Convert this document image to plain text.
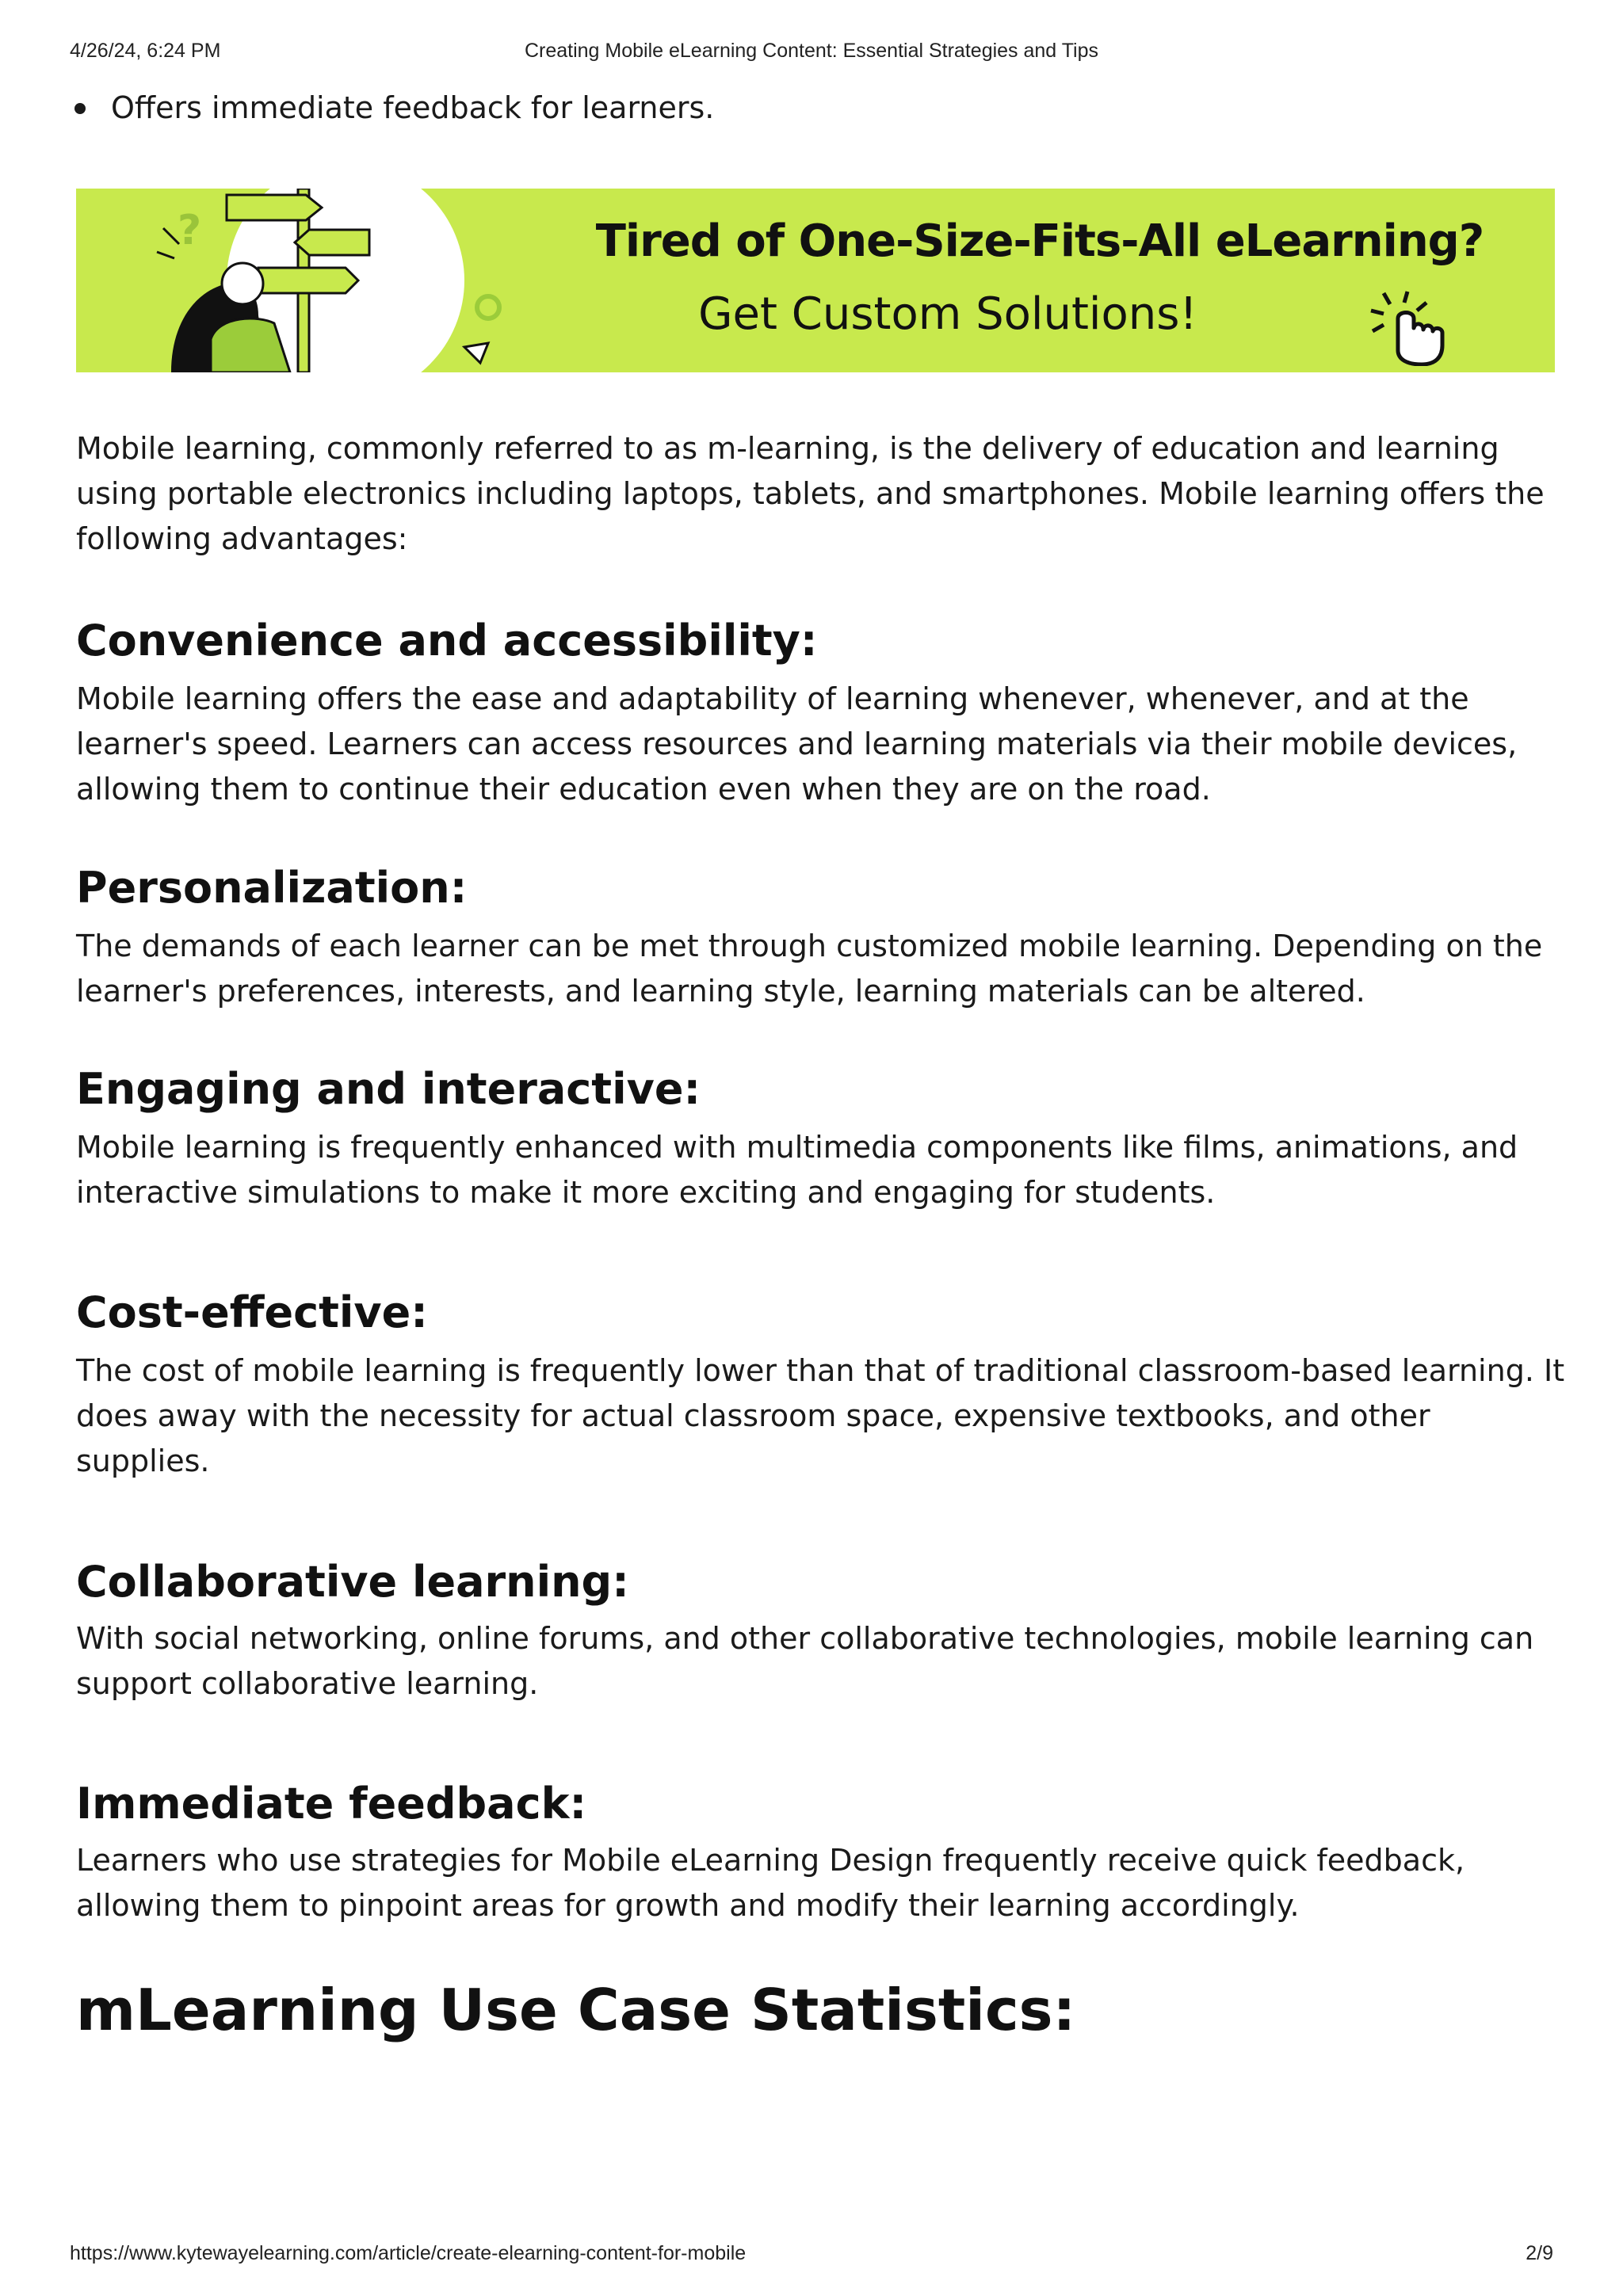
4/26/24, 6:24 PM	Creating Mobile eLearning Content: Essential Strategies and Tips
Offers immediate feedback for learners.
?	Tired of One-Size-Fits-All eLearning?
Get Custom Solutions!

Mobile learning, commonly referred to as m-learning, is the delivery of education and learning using portable electronics including laptops, tablets, and smartphones. Mobile learning offers the following advantages:

Convenience and accessibility:

Mobile learning offers the ease and adaptability of learning whenever, whenever, and at the learner's speed. Learners can access resources and learning materials via their mobile devices, allowing them to continue their education even when they are on the road.

Personalization:

The demands of each learner can be met through customized mobile learning. Depending on the learner's preferences, interests, and learning style, learning materials can be altered.

Engaging and interactive:

Mobile learning is frequently enhanced with multimedia components like films, animations, and interactive simulations to make it more exciting and engaging for students.

Cost-effective:

The cost of mobile learning is frequently lower than that of traditional classroom-based learning. It does away with the necessity for actual classroom space, expensive textbooks, and other supplies.

Collaborative learning:

With social networking, online forums, and other collaborative technologies, mobile learning can support collaborative learning.

Immediate feedback:

Learners who use strategies for Mobile eLearning Design frequently receive quick feedback, allowing them to pinpoint areas for growth and modify their learning accordingly.

mLearning Use Case Statistics:
https://www.kytewayelearning.com/article/create-elearning-content-for-mobile	2/9
